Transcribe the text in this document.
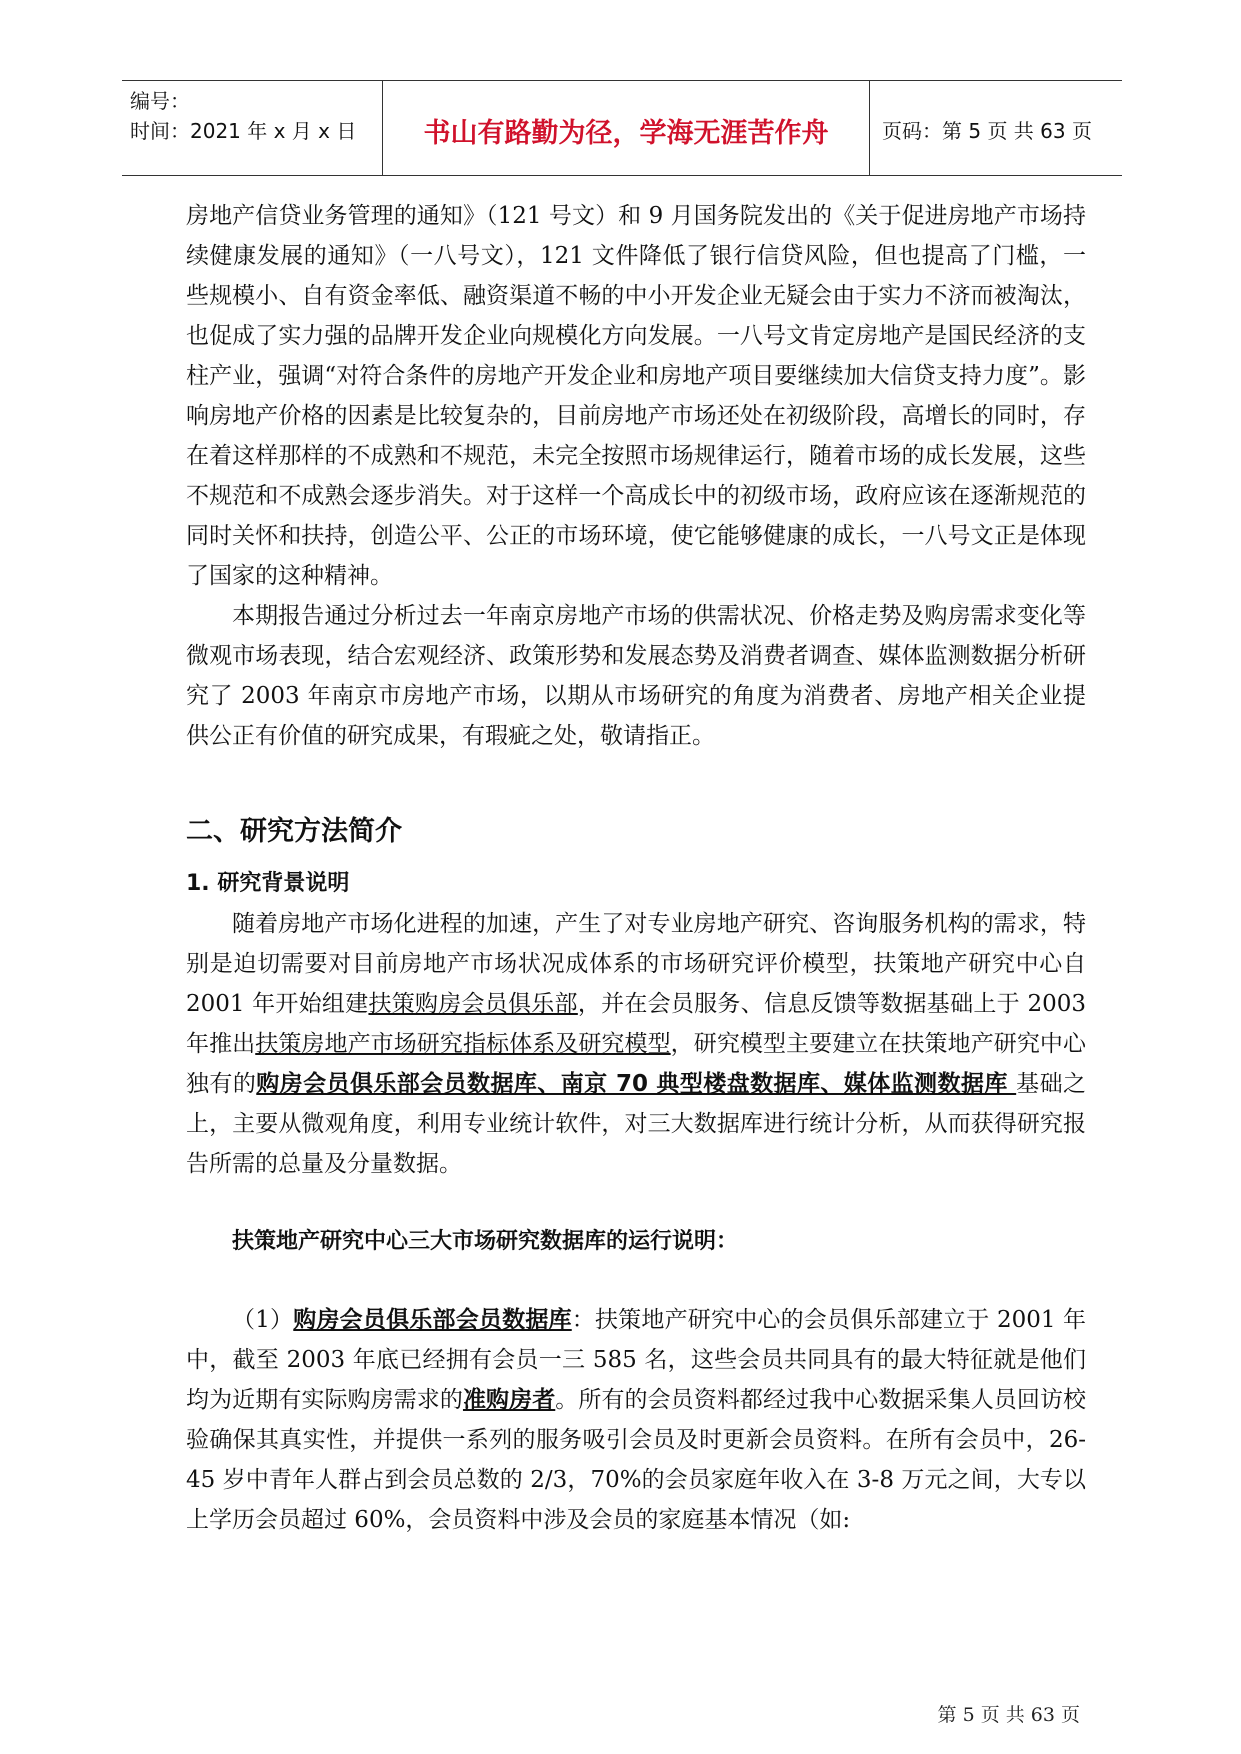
编号：
时间：2021 年 x 月 x 日	书山有路勤为径，学海无涯苦作舟	页码：第 5 页 共 63 页

房地产信贷业务管理的通知》（121 号文）和 9 月国务院发出的《关于促进房地产市场持续健康发展的通知》（一八号文），121 文件降低了银行信贷风险，但也提高了门槛，一些规模小、自有资金率低、融资渠道不畅的中小开发企业无疑会由于实力不济而被淘汰，也促成了实力强的品牌开发企业向规模化方向发展。一八号文肯定房地产是国民经济的支柱产业，强调“对符合条件的房地产开发企业和房地产项目要继续加大信贷支持力度”。影响房地产价格的因素是比较复杂的，目前房地产市场还处在初级阶段，高增长的同时，存在着这样那样的不成熟和不规范，未完全按照市场规律运行，随着市场的成长发展，这些不规范和不成熟会逐步消失。对于这样一个高成长中的初级市场，政府应该在逐渐规范的同时关怀和扶持，创造公平、公正的市场环境，使它能够健康的成长，一八号文正是体现了国家的这种精神。

本期报告通过分析过去一年南京房地产市场的供需状况、价格走势及购房需求变化等微观市场表现，结合宏观经济、政策形势和发展态势及消费者调查、媒体监测数据分析研究了 2003 年南京市房地产市场，以期从市场研究的角度为消费者、房地产相关企业提供公正有价值的研究成果，有瑕疵之处，敬请指正。

二、研究方法简介

1. 研究背景说明

随着房地产市场化进程的加速，产生了对专业房地产研究、咨询服务机构的需求，特别是迫切需要对目前房地产市场状况成体系的市场研究评价模型，扶策地产研究中心自 2001 年开始组建扶策购房会员俱乐部，并在会员服务、信息反馈等数据基础上于 2003 年推出扶策房地产市场研究指标体系及研究模型，研究模型主要建立在扶策地产研究中心独有的购房会员俱乐部会员数据库、南京 70 典型楼盘数据库、媒体监测数据库 基础之上，主要从微观角度，利用专业统计软件，对三大数据库进行统计分析，从而获得研究报告所需的总量及分量数据。

扶策地产研究中心三大市场研究数据库的运行说明：

（1）购房会员俱乐部会员数据库：扶策地产研究中心的会员俱乐部建立于 2001 年中，截至 2003 年底已经拥有会员一三 585 名，这些会员共同具有的最大特征就是他们均为近期有实际购房需求的准购房者。所有的会员资料都经过我中心数据采集人员回访校验确保其真实性，并提供一系列的服务吸引会员及时更新会员资料。在所有会员中，26-45 岁中青年人群占到会员总数的 2/3，70%的会员家庭年收入在 3-8 万元之间，大专以上学历会员超过 60%，会员资料中涉及会员的家庭基本情况（如:

第 5 页 共 63 页
